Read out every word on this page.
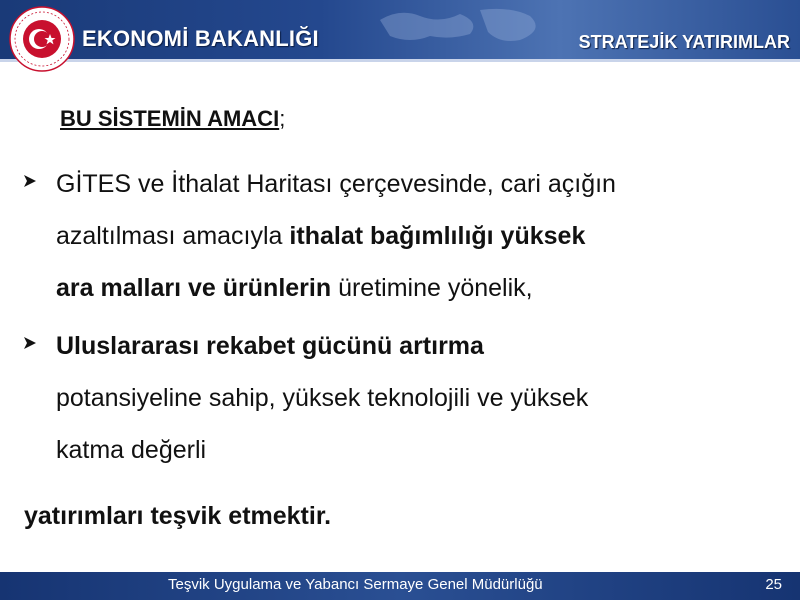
EKONOMİ BAKANLIĞI	STRATEJİK YATIRIMLAR
BU SİSTEMİN AMACI;
GİTES ve İthalat Haritası çerçevesinde, cari açığın
azaltılması amacıyla ithalat bağımlılığı yüksek
ara malları ve ürünlerin üretimine yönelik,
Uluslararası rekabet gücünü artırma
potansiyeline sahip, yüksek teknolojili ve yüksek
katma değerli
yatırımları teşvik etmektir.
Teşvik Uygulama ve Yabancı Sermaye Genel Müdürlüğü	25
